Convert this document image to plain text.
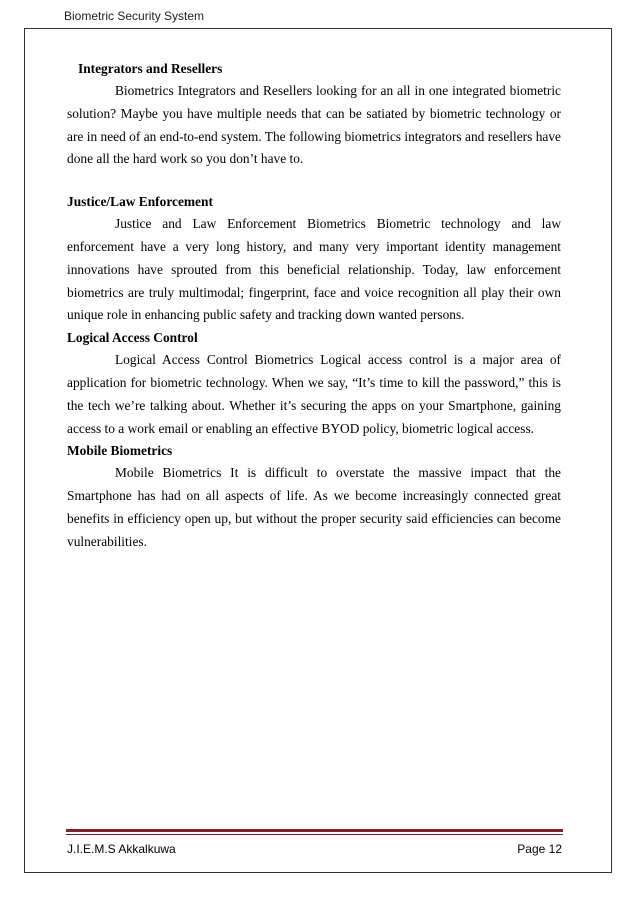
Biometric Security System

Integrators and Resellers

Biometrics Integrators and Resellers looking for an all in one integrated biometric solution? Maybe you have multiple needs that can be satiated by biometric technology or are in need of an end-to-end system. The following biometrics integrators and resellers have done all the hard work so you don’t have to.

Justice/Law Enforcement

Justice and Law Enforcement Biometrics Biometric technology and law enforcement have a very long history, and many very important identity management innovations have sprouted from this beneficial relationship. Today, law enforcement biometrics are truly multimodal; fingerprint, face and voice recognition all play their own unique role in enhancing public safety and tracking down wanted persons.

Logical Access Control

Logical Access Control Biometrics Logical access control is a major area of application for biometric technology. When we say, “It’s time to kill the password,” this is the tech we’re talking about. Whether it’s securing the apps on your Smartphone, gaining access to a work email or enabling an effective BYOD policy, biometric logical access.

Mobile Biometrics

Mobile Biometrics It is difficult to overstate the massive impact that the Smartphone has had on all aspects of life. As we become increasingly connected great benefits in efficiency open up, but without the proper security said efficiencies can become vulnerabilities.

J.I.E.M.S Akkalkuwa	Page 12
